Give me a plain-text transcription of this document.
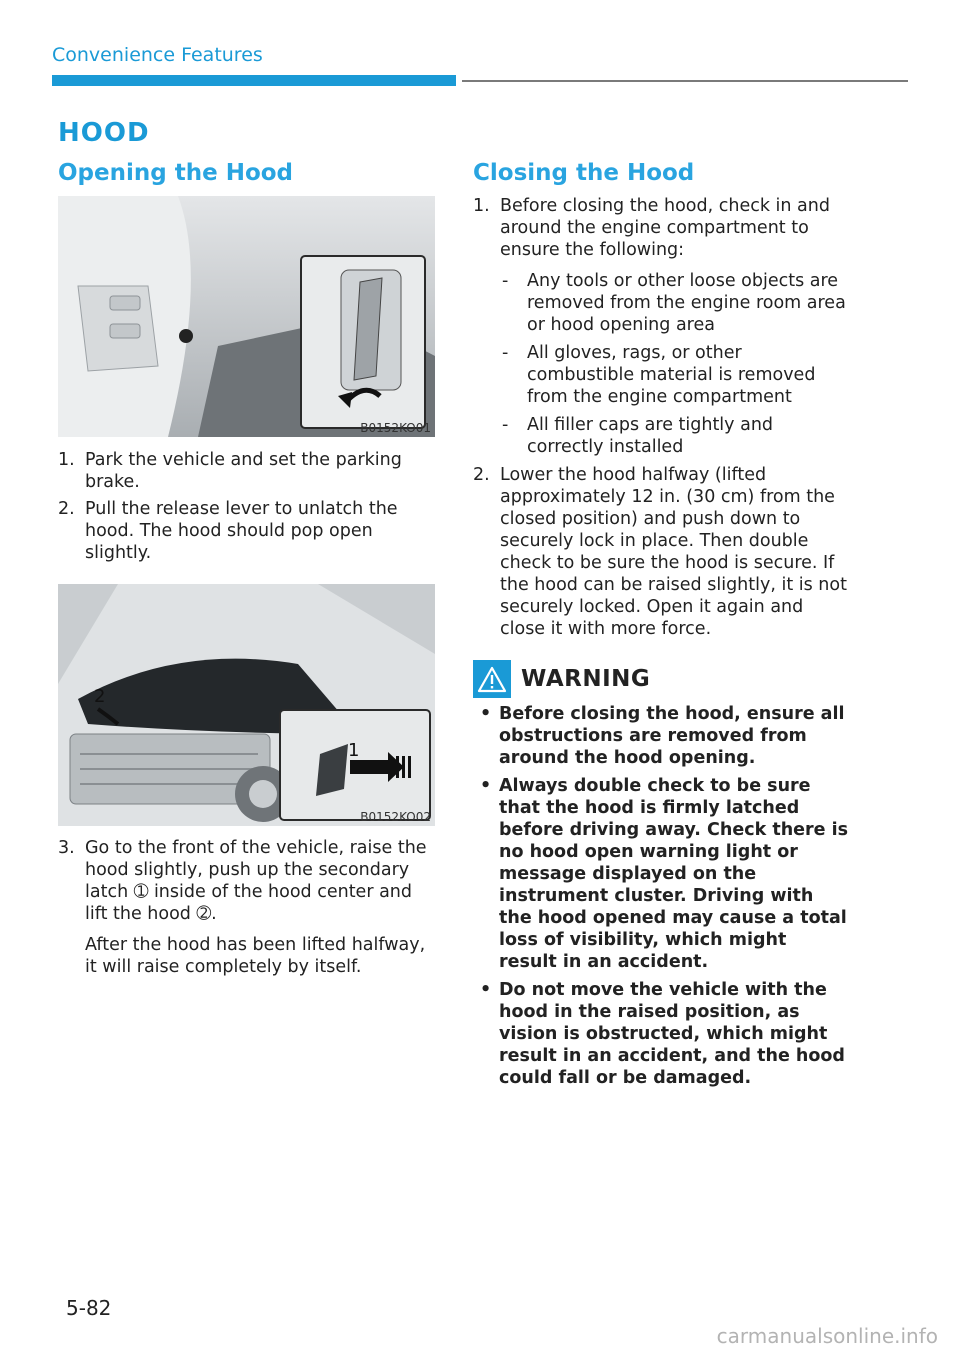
Convenience Features
HOOD
Opening the Hood
B0152KO01
1. Park the vehicle and set the parking brake.

2. Pull the release lever to unlatch the hood. The hood should pop open slightly.

2
1
B0152KO02
3. Go to the front of the vehicle, raise the hood slightly, push up the secondary latch ➀ inside of the hood center and lift the hood ➁.

After the hood has been lifted halfway, it will raise completely by itself.

Closing the Hood
1. Before closing the hood, check in and around the engine compartment to ensure the following:

- Any tools or other loose objects are removed from the engine room area or hood opening area
- All gloves, rags, or other combustible material is removed from the engine compartment
- All filler caps are tightly and correctly installed
2. Lower the hood halfway (lifted approximately 12 in. (30 cm) from the closed position) and push down to securely lock in place. Then double check to be sure the hood is secure. If the hood can be raised slightly, it is not securely locked. Open it again and close it with more force.

WARNING
• Before closing the hood, ensure all obstructions are removed from around the hood opening.
• Always double check to be sure that the hood is firmly latched before driving away. Check there is no hood open warning light or message displayed on the instrument cluster. Driving with the hood opened may cause a total loss of visibility, which might result in an accident.
• Do not move the vehicle with the hood in the raised position, as vision is obstructed, which might result in an accident, and the hood could fall or be damaged.
5-82
carmanualsonline.info
